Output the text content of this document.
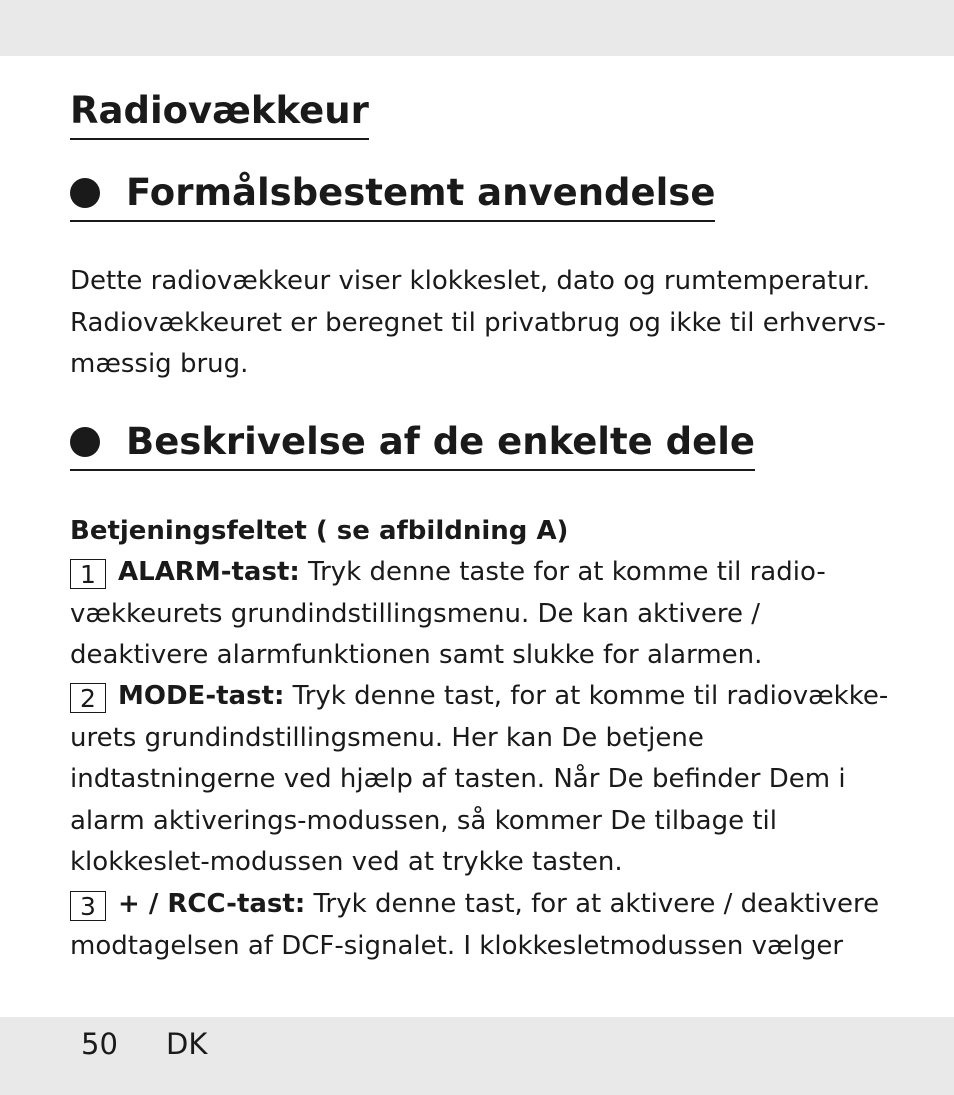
Radiovækkeur
Formålsbestemt anvendelse

Dette radiovækkeur viser klokkeslet, dato og rumtemperatur. Radiovækkeuret er beregnet til privatbrug og ikke til erhvervs-mæssig brug.

Beskrivelse af de enkelte dele

Betjeningsfeltet ( se afbildning A)

1 ALARM-tast: Tryk denne taste for at komme til radio-vækkeurets grundindstillingsmenu. De kan aktivere / deaktivere alarmfunktionen samt slukke for alarmen.

2 MODE-tast: Tryk denne tast, for at komme til radiovække-urets grundindstillingsmenu. Her kan De betjene indtastningerne ved hjælp af tasten. Når De befinder Dem i alarm aktiverings-modussen, så kommer De tilbage til klokkeslet-modussen ved at trykke tasten.

3 + / RCC-tast: Tryk denne tast, for at aktivere / deaktivere modtagelsen af DCF-signalet. I klokkesletmodussen vælger

50 DK
